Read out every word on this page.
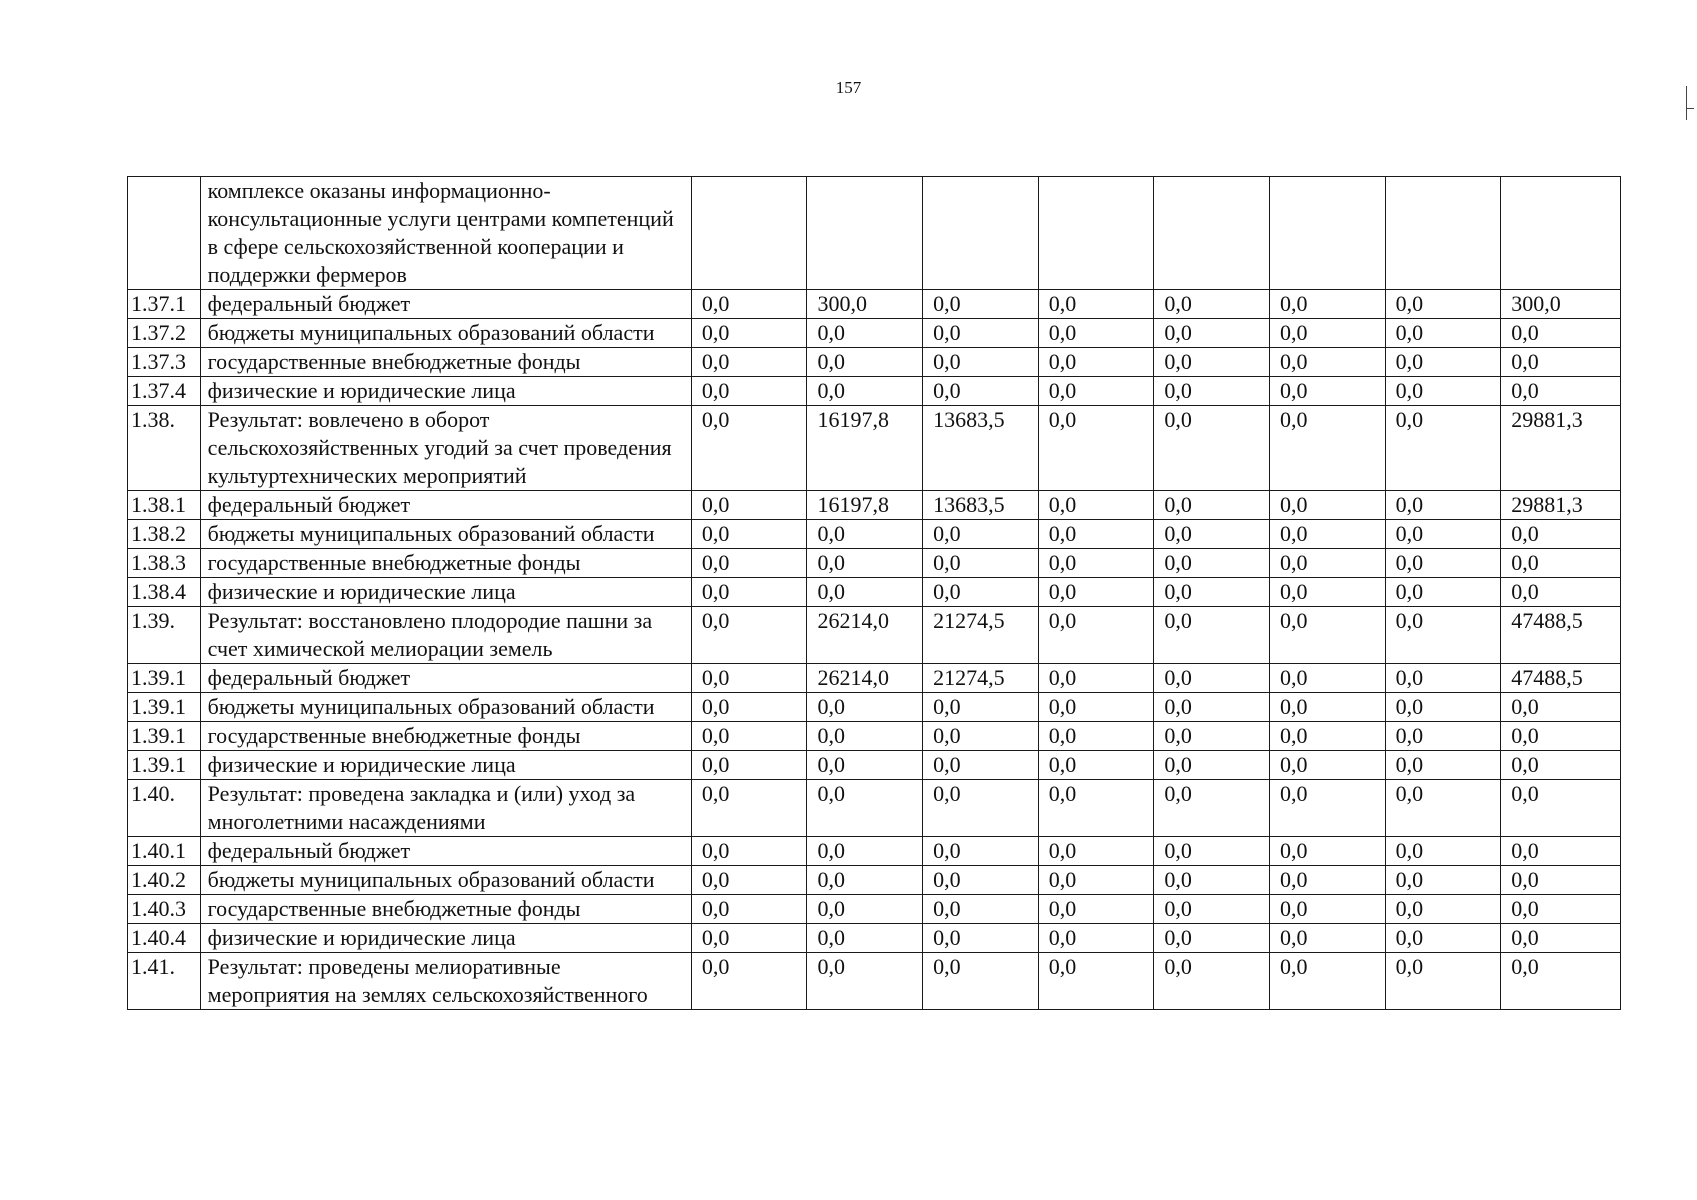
157
	комплексе оказаны информационно-консультационные услуги центрами компетенций в сфере сельскохозяйственной кооперации и поддержки фермеров								
1.37.1	федеральный бюджет	0,0	300,0	0,0	0,0	0,0	0,0	0,0	300,0
1.37.2	бюджеты муниципальных образований области	0,0	0,0	0,0	0,0	0,0	0,0	0,0	0,0
1.37.3	государственные внебюджетные фонды	0,0	0,0	0,0	0,0	0,0	0,0	0,0	0,0
1.37.4	физические и юридические лица	0,0	0,0	0,0	0,0	0,0	0,0	0,0	0,0
1.38.	Результат: вовлечено в оборот сельскохозяйственных угодий за счет проведения культуртехнических мероприятий	0,0	16197,8	13683,5	0,0	0,0	0,0	0,0	29881,3
1.38.1	федеральный бюджет	0,0	16197,8	13683,5	0,0	0,0	0,0	0,0	29881,3
1.38.2	бюджеты муниципальных образований области	0,0	0,0	0,0	0,0	0,0	0,0	0,0	0,0
1.38.3	государственные внебюджетные фонды	0,0	0,0	0,0	0,0	0,0	0,0	0,0	0,0
1.38.4	физические и юридические лица	0,0	0,0	0,0	0,0	0,0	0,0	0,0	0,0
1.39.	Результат: восстановлено плодородие пашни за счет химической мелиорации земель	0,0	26214,0	21274,5	0,0	0,0	0,0	0,0	47488,5
1.39.1	федеральный бюджет	0,0	26214,0	21274,5	0,0	0,0	0,0	0,0	47488,5
1.39.1	бюджеты муниципальных образований области	0,0	0,0	0,0	0,0	0,0	0,0	0,0	0,0
1.39.1	государственные внебюджетные фонды	0,0	0,0	0,0	0,0	0,0	0,0	0,0	0,0
1.39.1	физические и юридические лица	0,0	0,0	0,0	0,0	0,0	0,0	0,0	0,0
1.40.	Результат: проведена закладка и (или) уход за многолетними насаждениями	0,0	0,0	0,0	0,0	0,0	0,0	0,0	0,0
1.40.1	федеральный бюджет	0,0	0,0	0,0	0,0	0,0	0,0	0,0	0,0
1.40.2	бюджеты муниципальных образований области	0,0	0,0	0,0	0,0	0,0	0,0	0,0	0,0
1.40.3	государственные внебюджетные фонды	0,0	0,0	0,0	0,0	0,0	0,0	0,0	0,0
1.40.4	физические и юридические лица	0,0	0,0	0,0	0,0	0,0	0,0	0,0	0,0
1.41.	Результат: проведены мелиоративные мероприятия на землях сельскохозяйственного	0,0	0,0	0,0	0,0	0,0	0,0	0,0	0,0
